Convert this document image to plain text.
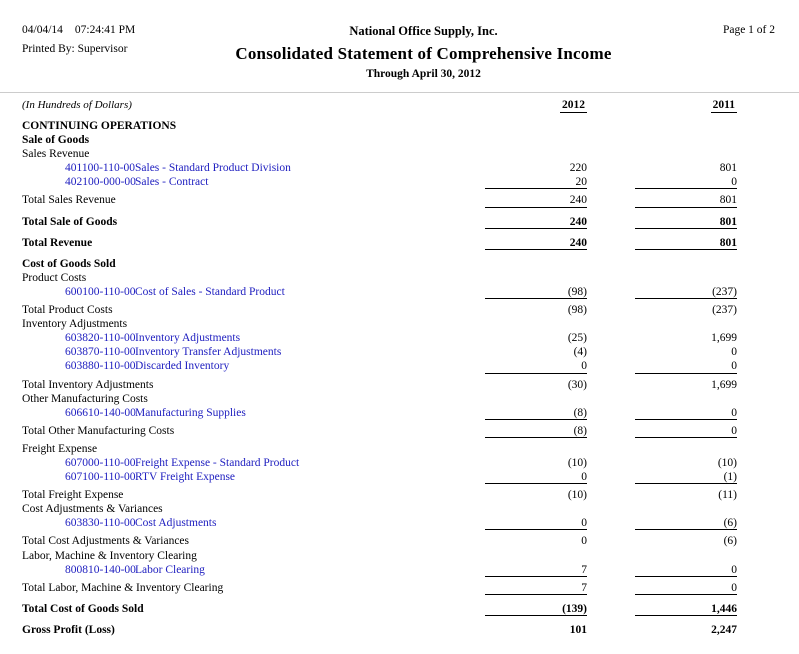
04/04/14 07:24:41 PM
Printed By: Supervisor
National Office Supply, Inc.
Consolidated Statement of Comprehensive Income
Through April 30, 2012
Page 1 of 2
(In Hundreds of Dollars)	2012	2011
CONTINUING OPERATIONS
Sale of Goods
Sales Revenue
401100-110-00 Sales - Standard Product Division	220	801
402100-000-00 Sales - Contract	20	0
Total Sales Revenue	240	801
Total Sale of Goods	240	801
Total Revenue	240	801
Cost of Goods Sold
Product Costs
600100-110-00 Cost of Sales - Standard Product	(98)	(237)
Total Product Costs	(98)	(237)
Inventory Adjustments
603820-110-00 Inventory Adjustments	(25)	1,699
603870-110-00 Inventory Transfer Adjustments	(4)	0
603880-110-00 Discarded Inventory	0	0
Total Inventory Adjustments	(30)	1,699
Other Manufacturing Costs
606610-140-00 Manufacturing Supplies	(8)	0
Total Other Manufacturing Costs	(8)	0
Freight Expense
607000-110-00 Freight Expense - Standard Product	(10)	(10)
607100-110-00 RTV Freight Expense	0	(1)
Total Freight Expense	(10)	(11)
Cost Adjustments & Variances
603830-110-00 Cost Adjustments	0	(6)
Total Cost Adjustments & Variances	0	(6)
Labor, Machine & Inventory Clearing
800810-140-00 Labor Clearing	7	0
Total Labor, Machine & Inventory Clearing	7	0
Total Cost of Goods Sold	(139)	1,446
Gross Profit (Loss)	101	2,247
